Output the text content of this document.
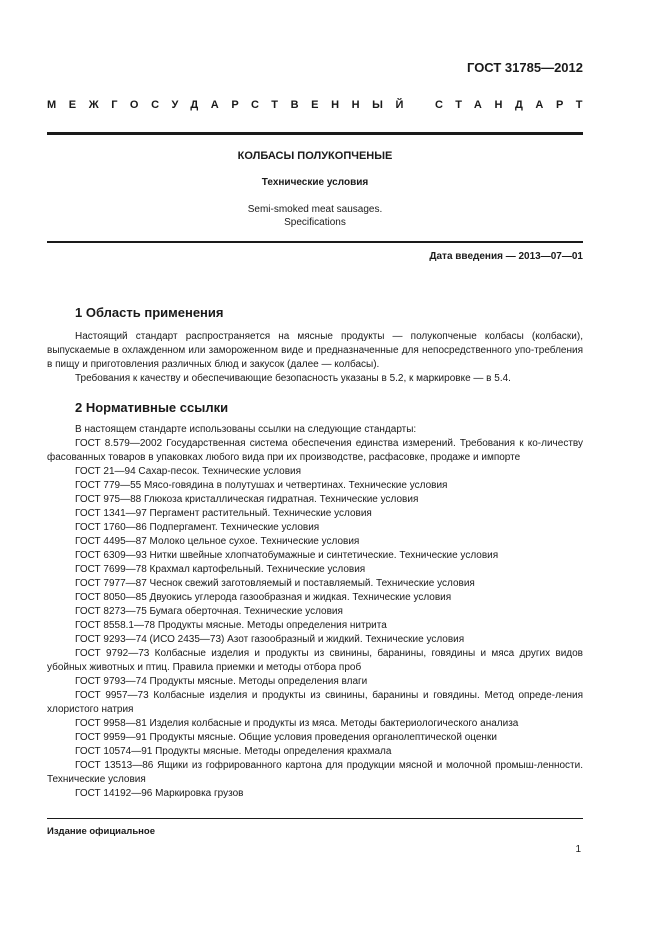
ГОСТ 31785—2012
МЕЖГОСУДАРСТВЕННЫЙ СТАНДАРТ
КОЛБАСЫ ПОЛУКОПЧЕНЫЕ
Технические условия
Semi-smoked meat sausages.
Specifications
Дата введения — 2013—07—01
1 Область применения

Настоящий стандарт распространяется на мясные продукты — полукопченые колбасы (колбаски), выпускаемые в охлажденном или замороженном виде и предназначенные для непосредственного упо-требления в пищу и приготовления различных блюд и закусок (далее — колбасы).

Требования к качеству и обеспечивающие безопасность указаны в 5.2, к маркировке — в 5.4.

2 Нормативные ссылки

В настоящем стандарте использованы ссылки на следующие стандарты:

ГОСТ 8.579—2002 Государственная система обеспечения единства измерений. Требования к ко-личеству фасованных товаров в упаковках любого вида при их производстве, расфасовке, продаже и импорте

ГОСТ 21—94 Сахар-песок. Технические условия

ГОСТ 779—55 Мясо-говядина в полутушах и четвертинах. Технические условия

ГОСТ 975—88 Глюкоза кристаллическая гидратная. Технические условия

ГОСТ 1341—97 Пергамент растительный. Технические условия

ГОСТ 1760—86 Подпергамент. Технические условия

ГОСТ 4495—87 Молоко цельное сухое. Технические условия

ГОСТ 6309—93 Нитки швейные хлопчатобумажные и синтетические. Технические условия

ГОСТ 7699—78 Крахмал картофельный. Технические условия

ГОСТ 7977—87 Чеснок свежий заготовляемый и поставляемый. Технические условия

ГОСТ 8050—85 Двуокись углерода газообразная и жидкая. Технические условия

ГОСТ 8273—75 Бумага оберточная. Технические условия

ГОСТ 8558.1—78 Продукты мясные. Методы определения нитрита

ГОСТ 9293—74 (ИСО 2435—73) Азот газообразный и жидкий. Технические условия

ГОСТ 9792—73 Колбасные изделия и продукты из свинины, баранины, говядины и мяса других видов убойных животных и птиц. Правила приемки и методы отбора проб

ГОСТ 9793—74 Продукты мясные. Методы определения влаги

ГОСТ 9957—73 Колбасные изделия и продукты из свинины, баранины и говядины. Метод опреде-ления хлористого натрия

ГОСТ 9958—81 Изделия колбасные и продукты из мяса. Методы бактериологического анализа

ГОСТ 9959—91 Продукты мясные. Общие условия проведения органолептической оценки

ГОСТ 10574—91 Продукты мясные. Методы определения крахмала

ГОСТ 13513—86 Ящики из гофрированного картона для продукции мясной и молочной промыш-ленности. Технические условия

ГОСТ 14192—96 Маркировка грузов

Издание официальное
1
